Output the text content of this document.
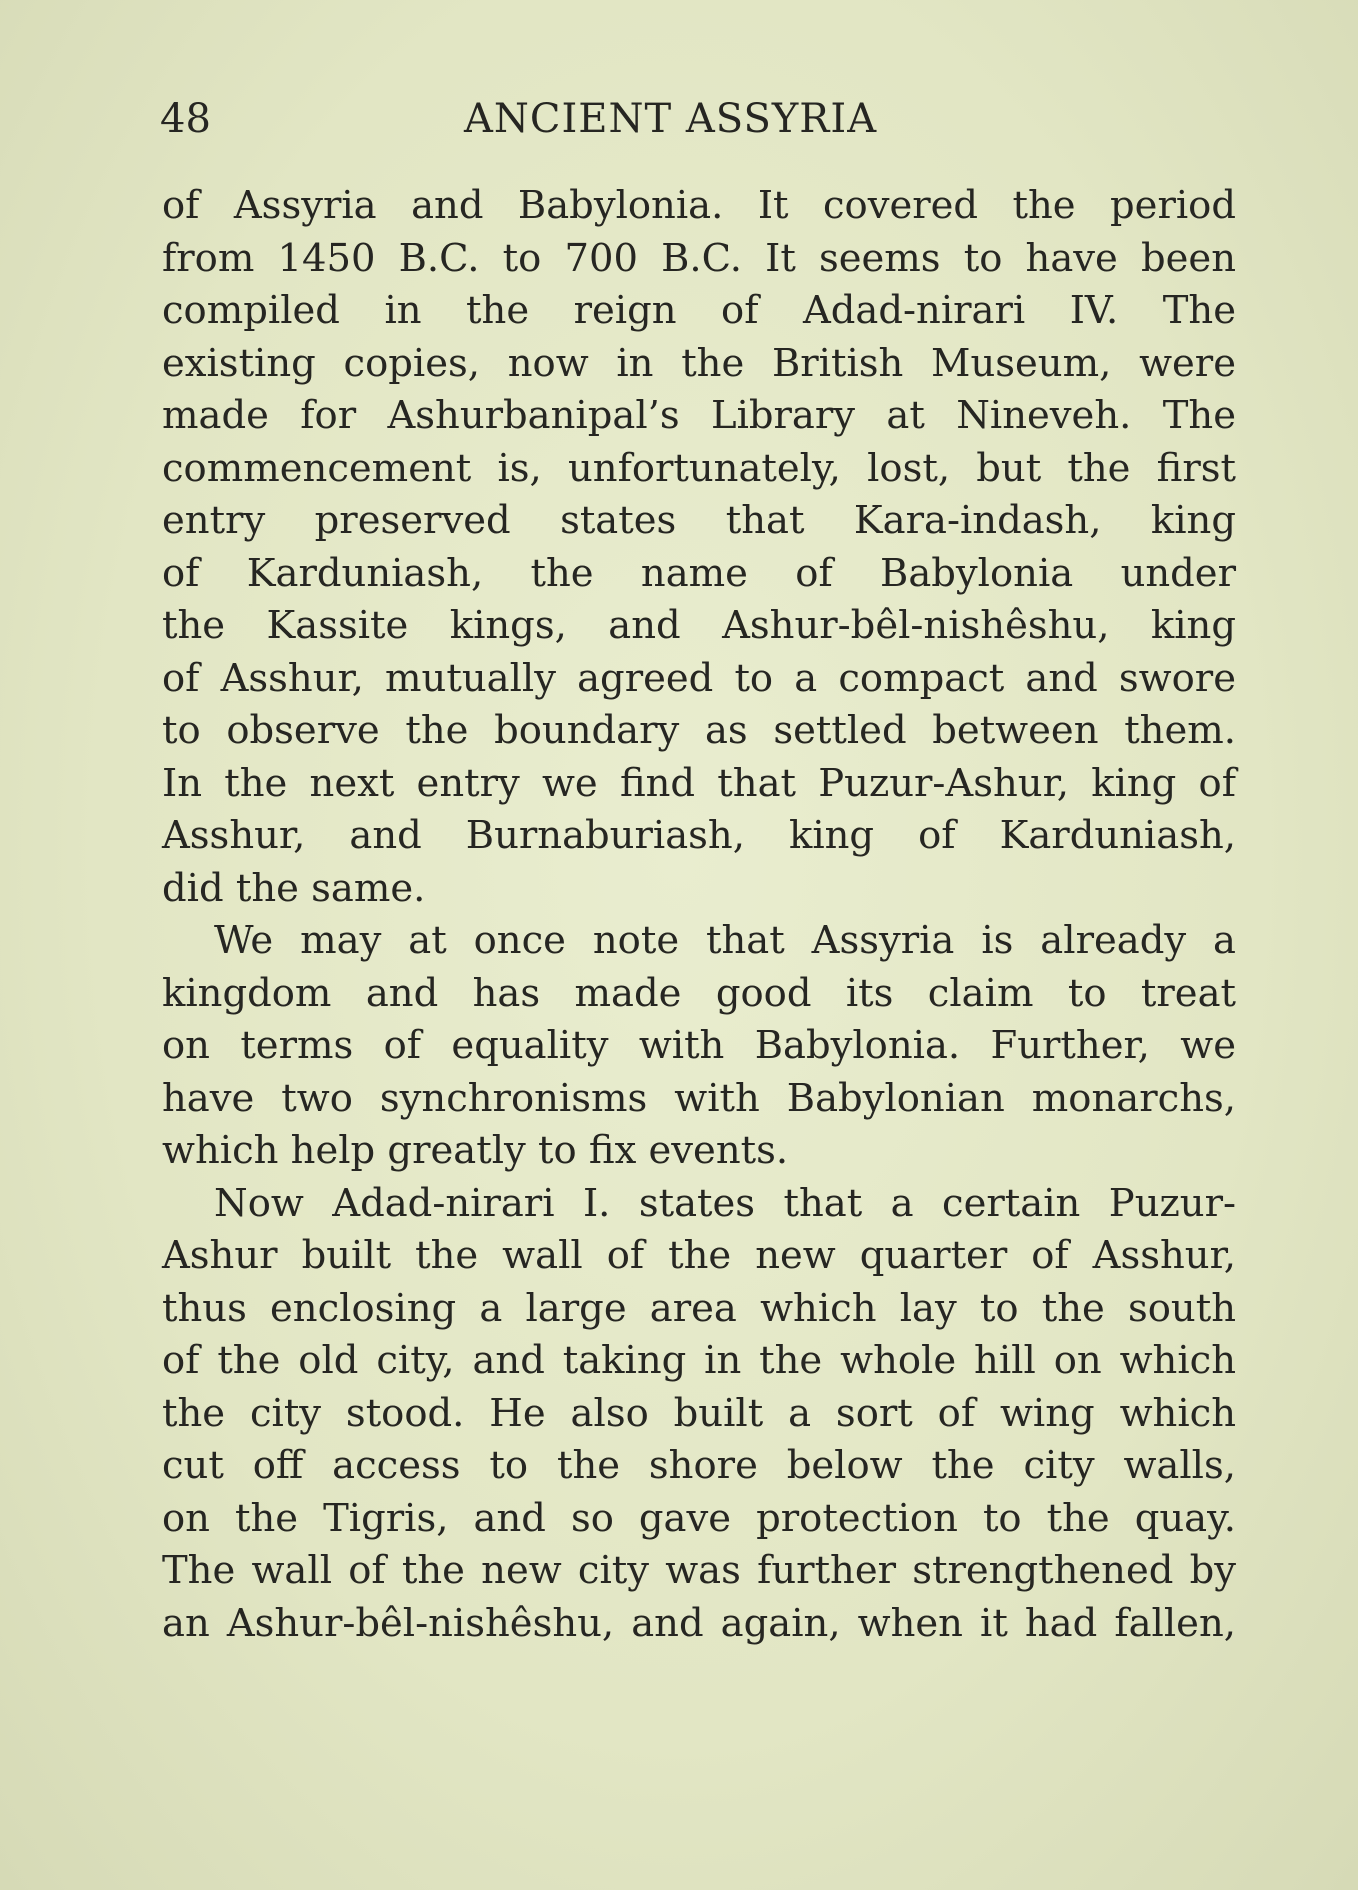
48	ANCIENT ASSYRIA

of Assyria and Babylonia. It covered the period
from 1450 B.C. to 700 B.C. It seems to have been
compiled in the reign of Adad-nirari IV. The
existing copies, now in the British Museum, were
made for Ashurbanipal’s Library at Nineveh. The
commencement is, unfortunately, lost, but the first
entry preserved states that Kara-indash, king
of Karduniash, the name of Babylonia under
the Kassite kings, and Ashur-bêl-nishêshu, king
of Asshur, mutually agreed to a compact and swore
to observe the boundary as settled between them.
In the next entry we find that Puzur-Ashur, king of
Asshur, and Burnaburiash, king of Karduniash,
did the same.

We may at once note that Assyria is already a
kingdom and has made good its claim to treat
on terms of equality with Babylonia. Further, we
have two synchronisms with Babylonian monarchs,
which help greatly to fix events.

Now Adad-nirari I. states that a certain Puzur-
Ashur built the wall of the new quarter of Asshur,
thus enclosing a large area which lay to the south
of the old city, and taking in the whole hill on which
the city stood. He also built a sort of wing which
cut off access to the shore below the city walls,
on the Tigris, and so gave protection to the quay.
The wall of the new city was further strengthened by
an Ashur-bêl-nishêshu, and again, when it had fallen,
